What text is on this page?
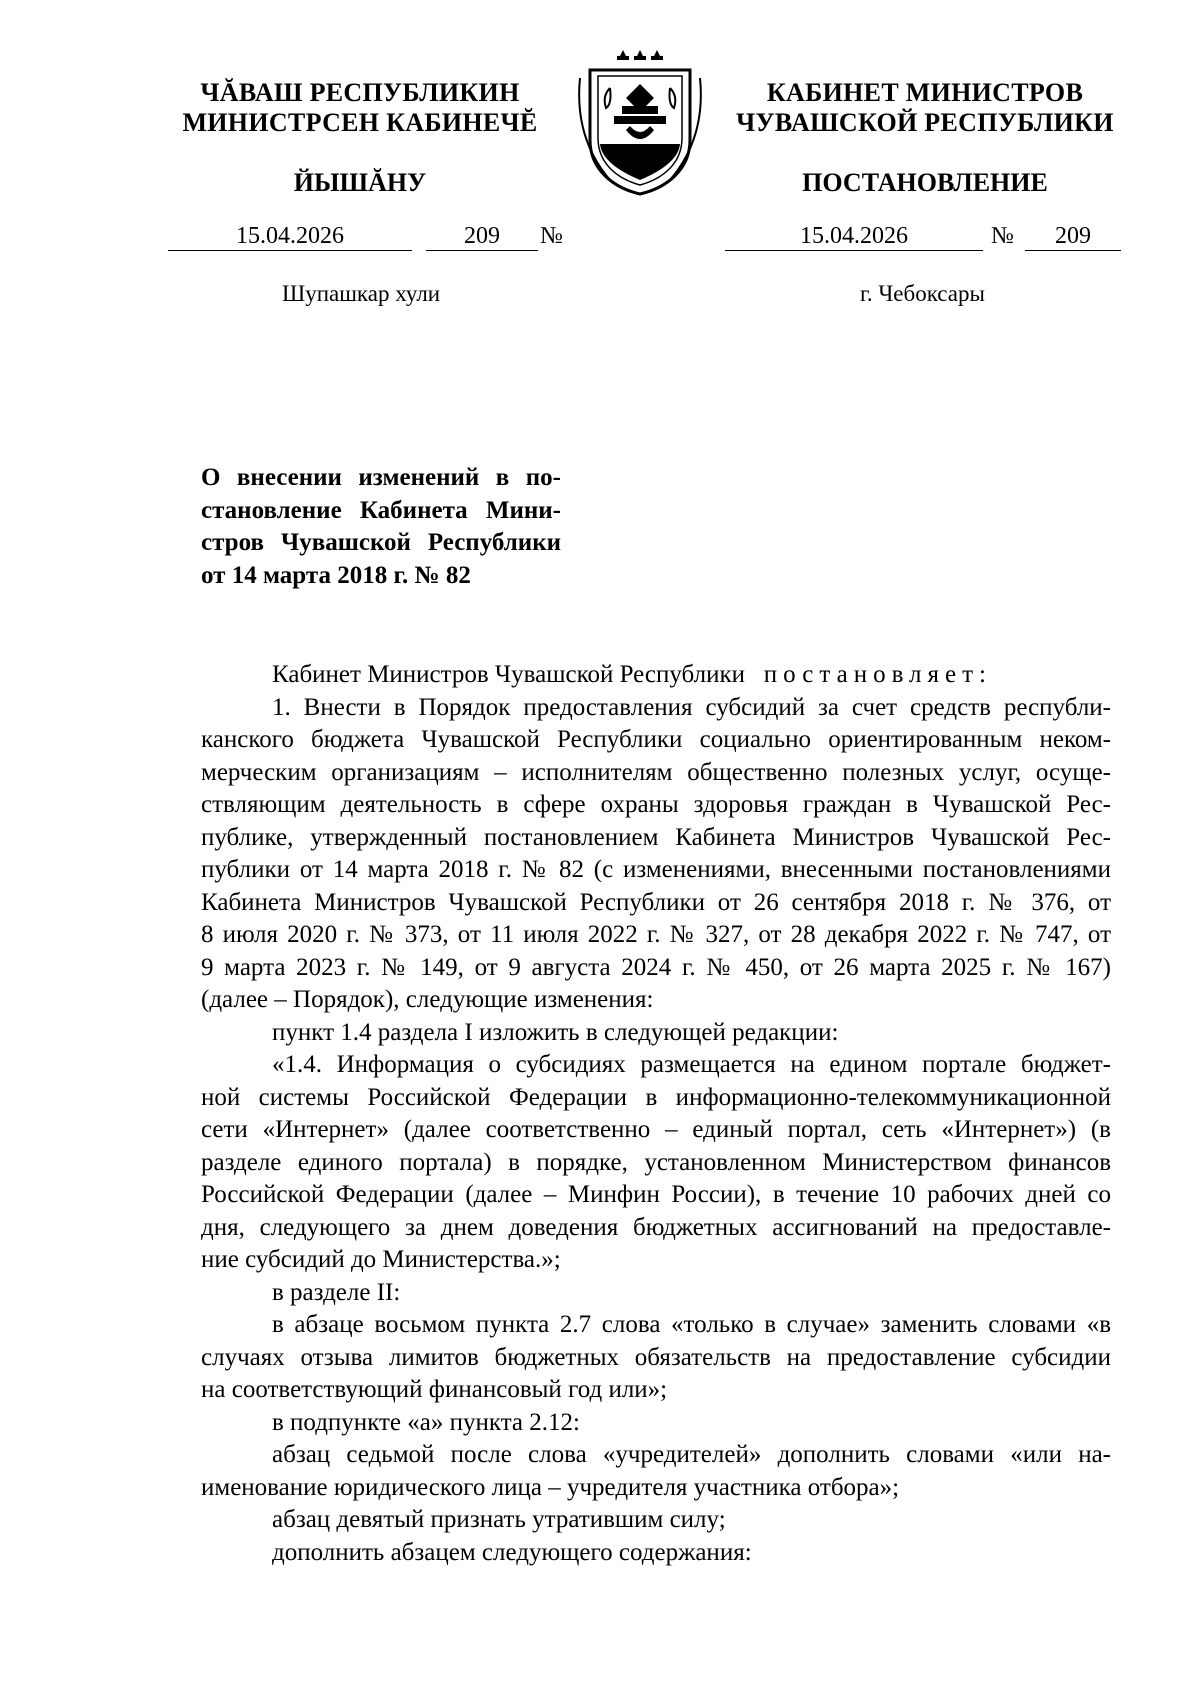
ЧĂВАШ РЕСПУБЛИКИН
МИНИСТРСЕН КАБИНЕЧĔ
ЙЫШĂНУ
КАБИНЕТ МИНИСТРОВ
ЧУВАШСКОЙ РЕСПУБЛИКИ
ПОСТАНОВЛЕНИЕ
15.04.2026	209	№	15.04.2026	№	209
Шупашкар хули	г. Чебоксары
О внесении изменений в по-
становление Кабинета Мини-
стров Чувашской Республики
от 14 марта 2018 г. № 82
Кабинет Министров Чувашской Республики постановляет:
1. Внести в Порядок предоставления субсидий за счет средств республи-
канского бюджета Чувашской Республики социально ориентированным неком-
мерческим организациям – исполнителям общественно полезных услуг, осуще-
ствляющим деятельность в сфере охраны здоровья граждан в Чувашской Рес-
публике, утвержденный постановлением Кабинета Министров Чувашской Рес-
публики от 14 марта 2018 г. № 82 (с изменениями, внесенными постановлениями
Кабинета Министров Чувашской Республики от 26 сентября 2018 г. № 376, от
8 июля 2020 г. № 373, от 11 июля 2022 г. № 327, от 28 декабря 2022 г. № 747, от
9 марта 2023 г. № 149, от 9 августа 2024 г. № 450, от 26 марта 2025 г. № 167)
(далее – Порядок), следующие изменения:
пункт 1.4 раздела I изложить в следующей редакции:
«1.4. Информация о субсидиях размещается на едином портале бюджет-
ной системы Российской Федерации в информационно-телекоммуникационной
сети «Интернет» (далее соответственно – единый портал, сеть «Интернет») (в
разделе единого портала) в порядке, установленном Министерством финансов
Российской Федерации (далее – Минфин России), в течение 10 рабочих дней со
дня, следующего за днем доведения бюджетных ассигнований на предоставле-
ние субсидий до Министерства.»;
в разделе II:
в абзаце восьмом пункта 2.7 слова «только в случае» заменить словами «в
случаях отзыва лимитов бюджетных обязательств на предоставление субсидии
на соответствующий финансовый год или»;
в подпункте «а» пункта 2.12:
абзац седьмой после слова «учредителей» дополнить словами «или на-
именование юридического лица – учредителя участника отбора»;
абзац девятый признать утратившим силу;
дополнить абзацем следующего содержания:
